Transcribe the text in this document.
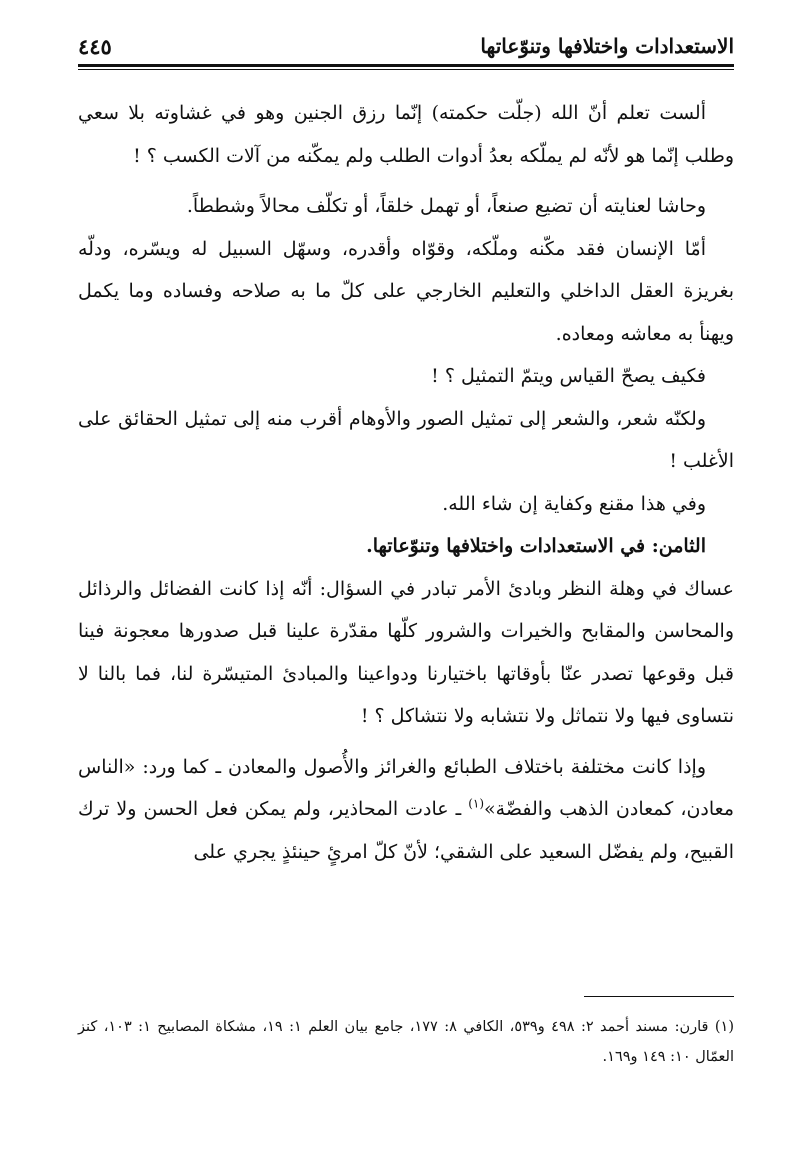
الاستعدادات واختلافها وتنوّعاتها
٤٤٥

ألست تعلم أنّ الله (جلّت حكمته) إنّما رزق الجنين وهو في غشاوته بلا سعي وطلب إنّما هو لأنّه لم يملّكه بعدُ أدوات الطلب ولم يمكّنه من آلات الكسب ؟ !

وحاشا لعنايته أن تضيع صنعاً، أو تهمل خلقاً، أو تكلّف محالاً وشططاً.

أمّا الإنسان فقد مكّنه وملّكه، وقوّاه وأقدره، وسهّل السبيل له ويسّره، ودلّه بغريزة العقل الداخلي والتعليم الخارجي على كلّ ما به صلاحه وفساده وما يكمل ويهنأ به معاشه ومعاده.

فكيف يصحّ القياس ويتمّ التمثيل ؟ !

ولكنّه شعر، والشعر إلى تمثيل الصور والأوهام أقرب منه إلى تمثيل الحقائق على الأغلب !

وفي هذا مقنع وكفاية إن شاء الله.

الثامن: في الاستعدادات واختلافها وتنوّعاتها.

عساك في وهلة النظر وبادئ الأمر تبادر في السؤال: أنّه إذا كانت الفضائل والرذائل والمحاسن والمقابح والخيرات والشرور كلّها مقدّرة علينا قبل صدورها معجونة فينا قبل وقوعها تصدر عنّا بأوقاتها باختيارنا ودواعينا والمبادئ المتيسّرة لنا، فما بالنا لا نتساوى فيها ولا نتماثل ولا نتشابه ولا نتشاكل ؟ !

وإذا كانت مختلفة باختلاف الطبائع والغرائز والأُصول والمعادن ـ كما ورد: «الناس معادن، كمعادن الذهب والفضّة»$^{(١)}$ ـ عادت المحاذير، ولم يمكن فعل الحسن ولا ترك القبيح، ولم يفضّل السعيد على الشقي؛ لأنّ كلّ امرئٍ حينئذٍ يجري على

(١) قارن: مسند أحمد ٢: ٤٩٨ و٥٣٩، الكافي ٨: ١٧٧، جامع بيان العلم ١: ١٩، مشكاة المصابيح ١: ١٠٣، كنز العمّال ١٠: ١٤٩ و١٦٩.
